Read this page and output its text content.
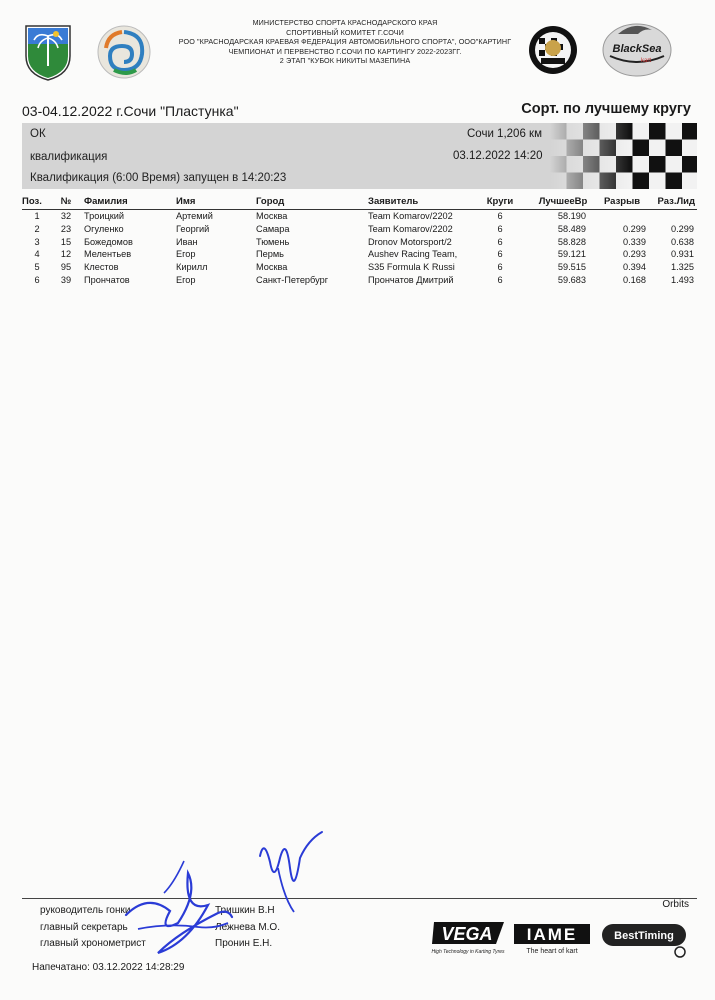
МИНИСТЕРСТВО СПОРТА КРАСНОДАРСКОГО КРАЯ
СПОРТИВНЫЙ КОМИТЕТ Г.СОЧИ
РОО "КРАСНОДАРСКАЯ КРАЕВАЯ ФЕДЕРАЦИЯ АВТОМОБИЛЬНОГО СПОРТА", ООО"КАРТИНГ
ЧЕМПИОНАТ И ПЕРВЕНСТВО Г.СОЧИ ПО КАРТИНГУ 2022-2023ГГ.
2 ЭТАП "КУБОК НИКИТЫ МАЗЕПИНА
BlackSea
kart
03-04.12.2022 г.Сочи "Пластунка"	Сорт. по лучшему кругу
ОК
квалификация
Квалификация (6:00 Время) запущен в 14:20:23
Сочи 1,206 км
03.12.2022 14:20
Поз.	№	Фамилия	Имя	Город	Заявитель	Круги	ЛучшееВр	Разрыв	Раз.Лид
1	32	Троицкий	Артемий	Москва	Team Komarov/2202	6	58.190
2	23	Огуленко	Георгий	Самара	Team Komarov/2202	6	58.489	0.299	0.299
3	15	Божедомов	Иван	Тюмень	Dronov Motorsport/2	6	58.828	0.339	0.638
4	12	Мелентьев	Егор	Пермь	Aushev Racing Team,	6	59.121	0.293	0.931
5	95	Клестов	Кирилл	Москва	S35 Formula K Russi	6	59.515	0.394	1.325
6	39	Прончатов	Егор	Санкт-Петербург	Прончатов Дмитрий	6	59.683	0.168	1.493
Orbits
руководитель гонки	Тришкин В.Н
главный секретарь	Лежнева М.О.
главный хронометрист	Пронин Е.Н.
Напечатано: 03.12.2022 14:28:29
VEGA
High Technology in Karting Tyres
IAME
The heart of kart
BestTiming
